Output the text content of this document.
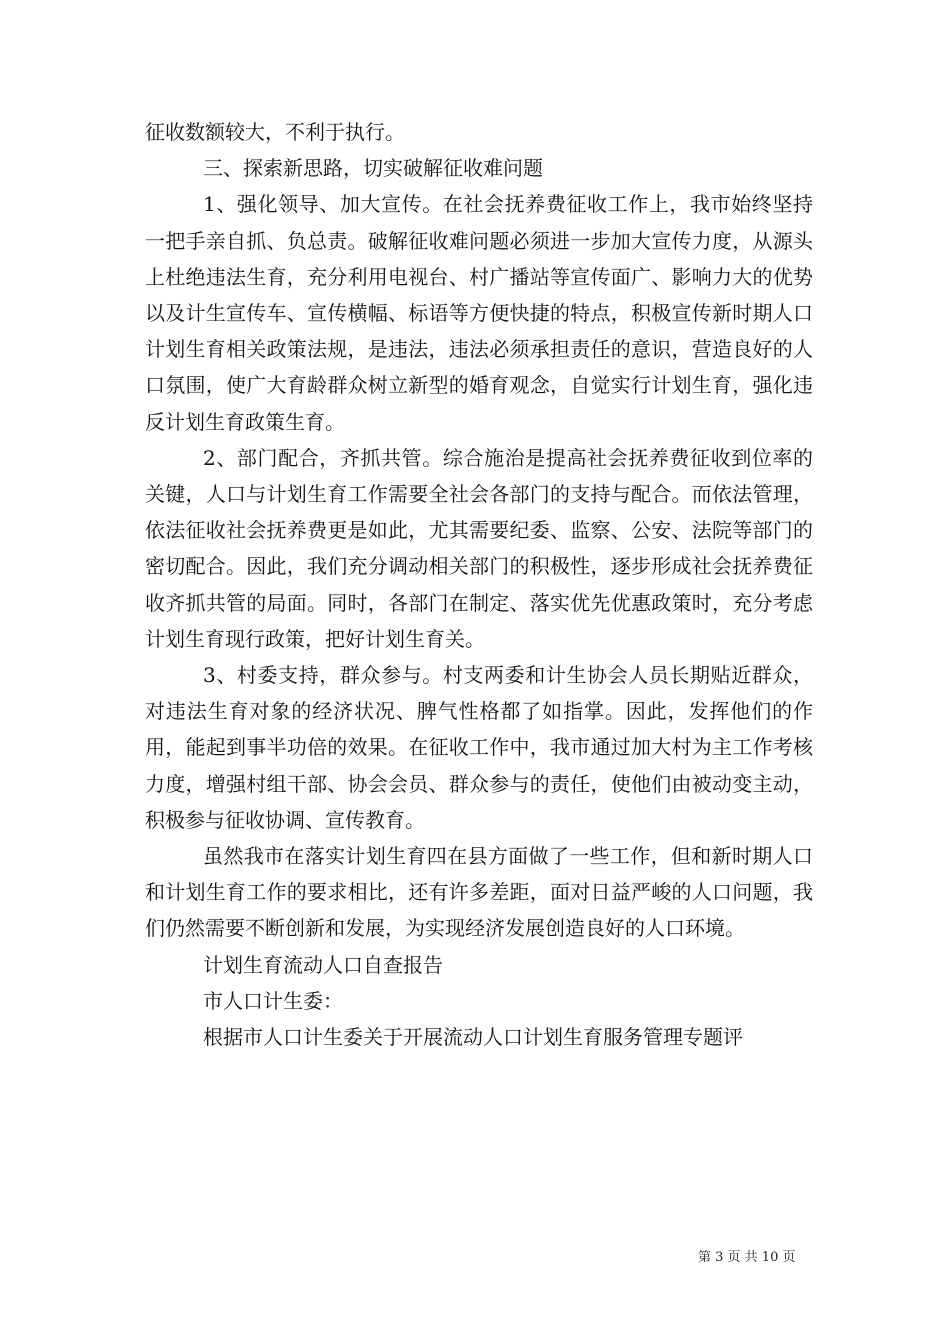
征收数额较大，不利于执行。

三、探索新思路，切实破解征收难问题

1、强化领导、加大宣传。在社会抚养费征收工作上，我市始终坚持一把手亲自抓、负总责。破解征收难问题必须进一步加大宣传力度，从源头上杜绝违法生育，充分利用电视台、村广播站等宣传面广、影响力大的优势以及计生宣传车、宣传横幅、标语等方便快捷的特点，积极宣传新时期人口计划生育相关政策法规，是违法，违法必须承担责任的意识，营造良好的人口氛围，使广大育龄群众树立新型的婚育观念，自觉实行计划生育，强化违反计划生育政策生育。

2、部门配合，齐抓共管。综合施治是提高社会抚养费征收到位率的关键，人口与计划生育工作需要全社会各部门的支持与配合。而依法管理，依法征收社会抚养费更是如此，尤其需要纪委、监察、公安、法院等部门的密切配合。因此，我们充分调动相关部门的积极性，逐步形成社会抚养费征收齐抓共管的局面。同时，各部门在制定、落实优先优惠政策时，充分考虑计划生育现行政策，把好计划生育关。

3、村委支持，群众参与。村支两委和计生协会人员长期贴近群众，对违法生育对象的经济状况、脾气性格都了如指掌。因此，发挥他们的作用，能起到事半功倍的效果。在征收工作中，我市通过加大村为主工作考核力度，增强村组干部、协会会员、群众参与的责任，使他们由被动变主动，积极参与征收协调、宣传教育。

虽然我市在落实计划生育四在县方面做了一些工作，但和新时期人口和计划生育工作的要求相比，还有许多差距，面对日益严峻的人口问题，我们仍然需要不断创新和发展，为实现经济发展创造良好的人口环境。

计划生育流动人口自查报告

市人口计生委：

根据市人口计生委关于开展流动人口计划生育服务管理专题评

第 3 页 共 10 页
